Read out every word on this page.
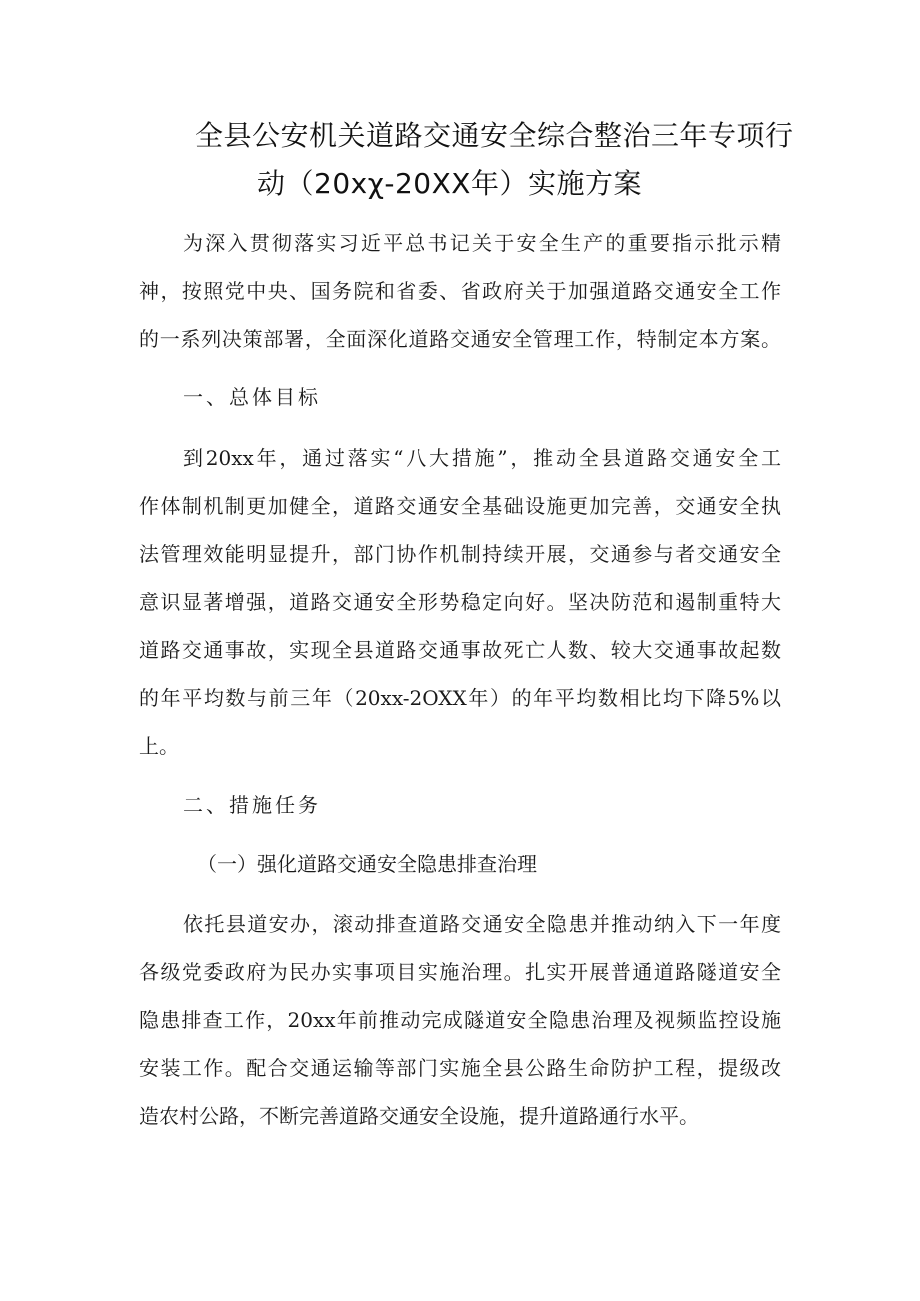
全县公安机关道路交通安全综合整治三年专项行
动（20xχ-20XX年）实施方案
为深入贯彻落实习近平总书记关于安全生产的重要指示批示精
神，按照党中央、国务院和省委、省政府关于加强道路交通安全工作
的一系列决策部署，全面深化道路交通安全管理工作，特制定本方案。
一、总体目标
到20xx年，通过落实“八大措施”，推动全县道路交通安全工
作体制机制更加健全，道路交通安全基础设施更加完善，交通安全执
法管理效能明显提升，部门协作机制持续开展，交通参与者交通安全
意识显著增强，道路交通安全形势稳定向好。坚决防范和遏制重特大
道路交通事故，实现全县道路交通事故死亡人数、较大交通事故起数
的年平均数与前三年（20xx-2OXX年）的年平均数相比均下降5%以
上。
二、措施任务
（一）强化道路交通安全隐患排查治理
依托县道安办，滚动排查道路交通安全隐患并推动纳入下一年度
各级党委政府为民办实事项目实施治理。扎实开展普通道路隧道安全
隐患排查工作，20xx年前推动完成隧道安全隐患治理及视频监控设施
安装工作。配合交通运输等部门实施全县公路生命防护工程，提级改
造农村公路，不断完善道路交通安全设施，提升道路通行水平。
